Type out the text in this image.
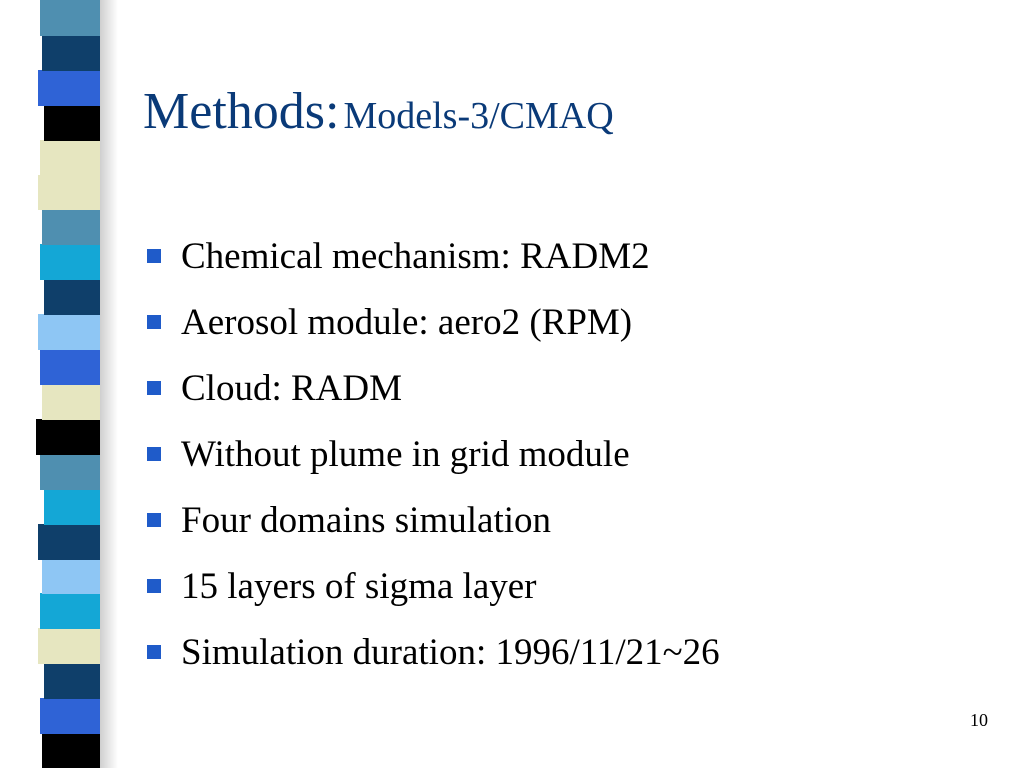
Methods: Models-3/CMAQ
Chemical mechanism: RADM2
Aerosol module: aero2 (RPM)
Cloud: RADM
Without plume in grid module
Four domains simulation
15 layers of sigma layer
Simulation duration: 1996/11/21~26
10
